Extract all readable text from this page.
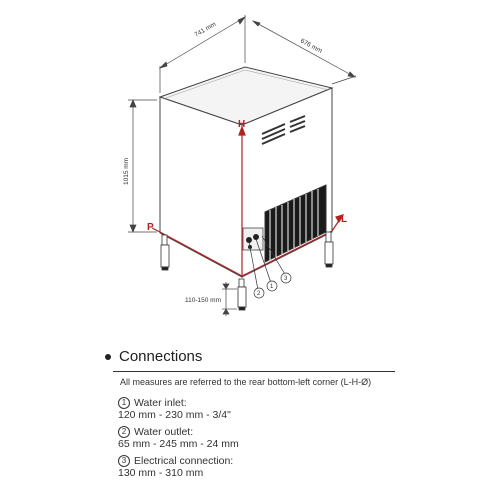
H
P
L
2
1
3
741 mm
676 mm
1015 mm
110-150 mm
Connections
All measures are referred to the rear bottom-left corner (L-H-Ø)
1 Water inlet:
120 mm - 230 mm - 3/4"
2 Water outlet:
65 mm - 245 mm - 24 mm
3 Electrical connection:
130 mm - 310 mm
